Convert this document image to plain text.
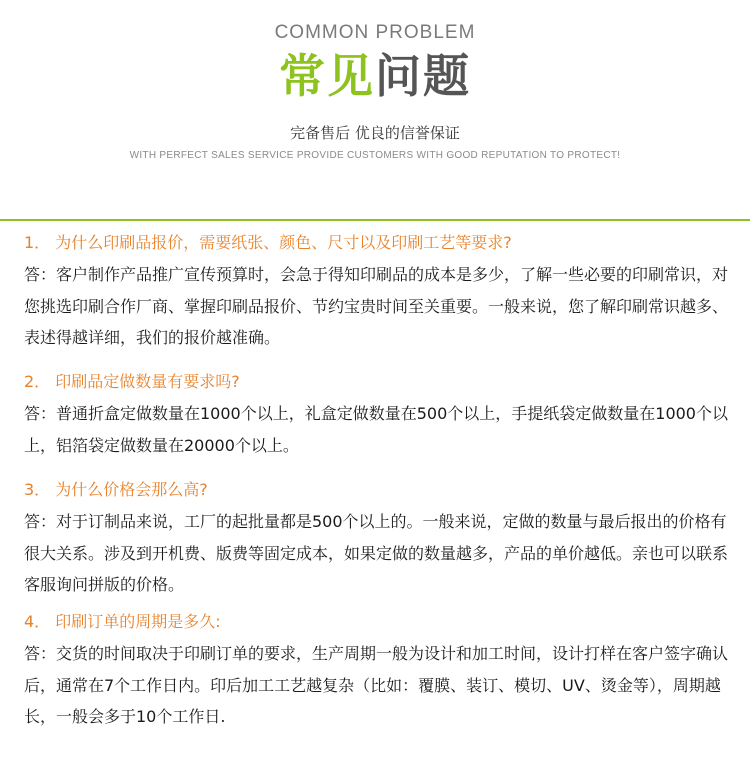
COMMON PROBLEM
常见问题
完备售后 优良的信誉保证
WITH PERFECT SALES SERVICE PROVIDE CUSTOMERS WITH GOOD REPUTATION TO PROTECT!

1． 为什么印刷品报价，需要纸张、颜色、尺寸以及印刷工艺等要求?

答：客户制作产品推广宣传预算时，会急于得知印刷品的成本是多少，了解一些必要的印刷常识，对您挑选印刷合作厂商、掌握印刷品报价、节约宝贵时间至关重要。一般来说，您了解印刷常识越多、表述得越详细，我们的报价越准确。

2． 印刷品定做数量有要求吗?

答：普通折盒定做数量在1000个以上，礼盒定做数量在500个以上，手提纸袋定做数量在1000个以上，铝箔袋定做数量在20000个以上。

3． 为什么价格会那么高?

答：对于订制品来说，工厂的起批量都是500个以上的。一般来说，定做的数量与最后报出的价格有很大关系。涉及到开机费、版费等固定成本，如果定做的数量越多，产品的单价越低。亲也可以联系客服询问拼版的价格。

4． 印刷订单的周期是多久:

答：交货的时间取决于印刷订单的要求，生产周期一般为设计和加工时间，设计打样在客户签字确认后，通常在7个工作日内。印后加工工艺越复杂（比如：覆膜、装订、模切、UV、烫金等），周期越长，一般会多于10个工作日.
